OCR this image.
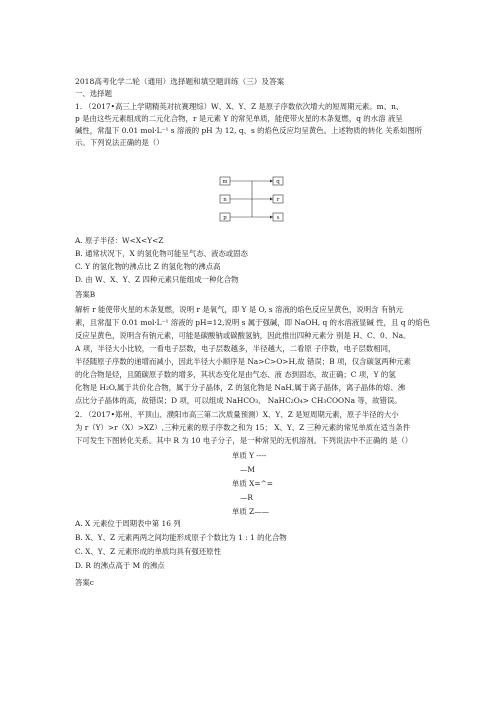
2018高考化学二轮（通用）选择题和填空题训练（三）及答案
一、选择题
1. （2017•高三上学期精英对抗赛理综）W、X、Y、Z 是原子序数依次增大的短周期元素。m、n、
p 是由这些元素组成的二元化合物，r 是元素 Y 的常见单质，能使带火星的木条复燃，q 的水溶 液呈
碱性，常温下 0.01 mol·L⁻¹ s 溶液的 pH 为 12, q、s 的焰色反应均呈黄色。上述物质的转化 关系如图所
示。下列说法正确的是（）
m
n
p
q
r
s
A. 原子半径：W<X<Y<Z
B. 通常状况下，X 的氢化物可能呈气态、液态或固态
C. Y 的氢化物的沸点比 Z 的氢化物的沸点高
D. 由 W、X、Y、Z 四种元素只能组成一种化合物
答案B
解析 r 能使带火星的木条复燃，说明 r 是氧气，即 Y 是 O, s 溶液的焰色反应呈黄色，说明含 有钠元
素，且常温下 0.01 mol·L⁻¹ 溶液的 pH=12,说明 s 属于强碱，即 NaOH, q 的水溶液显碱 性，且 q 的焰色
反应呈黄色，说明含有钠元素，可能是碳酸钠或碳酸氢钠，因此推出四种元素分 别是 H、C、0、Na。
A 项，半径大小比较，一看电子层数，电子层数越多，半径越大，二看原 子序数，电子层数相同，
半径随原子序数的递增而减小，因此半径大小顺序是 Na>C>O>H,故 错误；B 项，仅含碳氢两种元素
的化合物是烃，且随碳原子数的增多，其状态变化是由气态、液 态到固态，故正确；C 项，Y 的氢
化物是 H₂O,属于共价化合物，属于分子晶体，Z 的氢化物是 NaH,属于离子晶体，离子晶体的熔、沸
点比分子晶体的高，故错误；D 项，可以组成 NaHCO₃、 NaHC₂O₄> CH₃COONa 等，故错误。
2. （2017•郑州、平顶山、濮阳市高三第二次质量预测）X、Y、Z 是短周期元素，原子半径的大小
为 r（Y）>r（X）>XZ）,三种元素的原子序数之和为 15； X、Y、Z 三种元素的常见单质在适当条件
下可发生下图转化关系。其中 R 为 10 电子分子，是一种常见的无机溶剂。下列说法中不正确的 是（）
单质 Y ----
—M
单质 X=^=
—R
单质 Z——
A. X 元素位于周期表中第 16 列
B. X、Y、Z 元素两两之间均能形成原子个数比为 1 : 1 的化合物
C. X、Y、Z 元素形成的单质均具有强还原性
D. R 的沸点高于 M 的沸点
答案c
